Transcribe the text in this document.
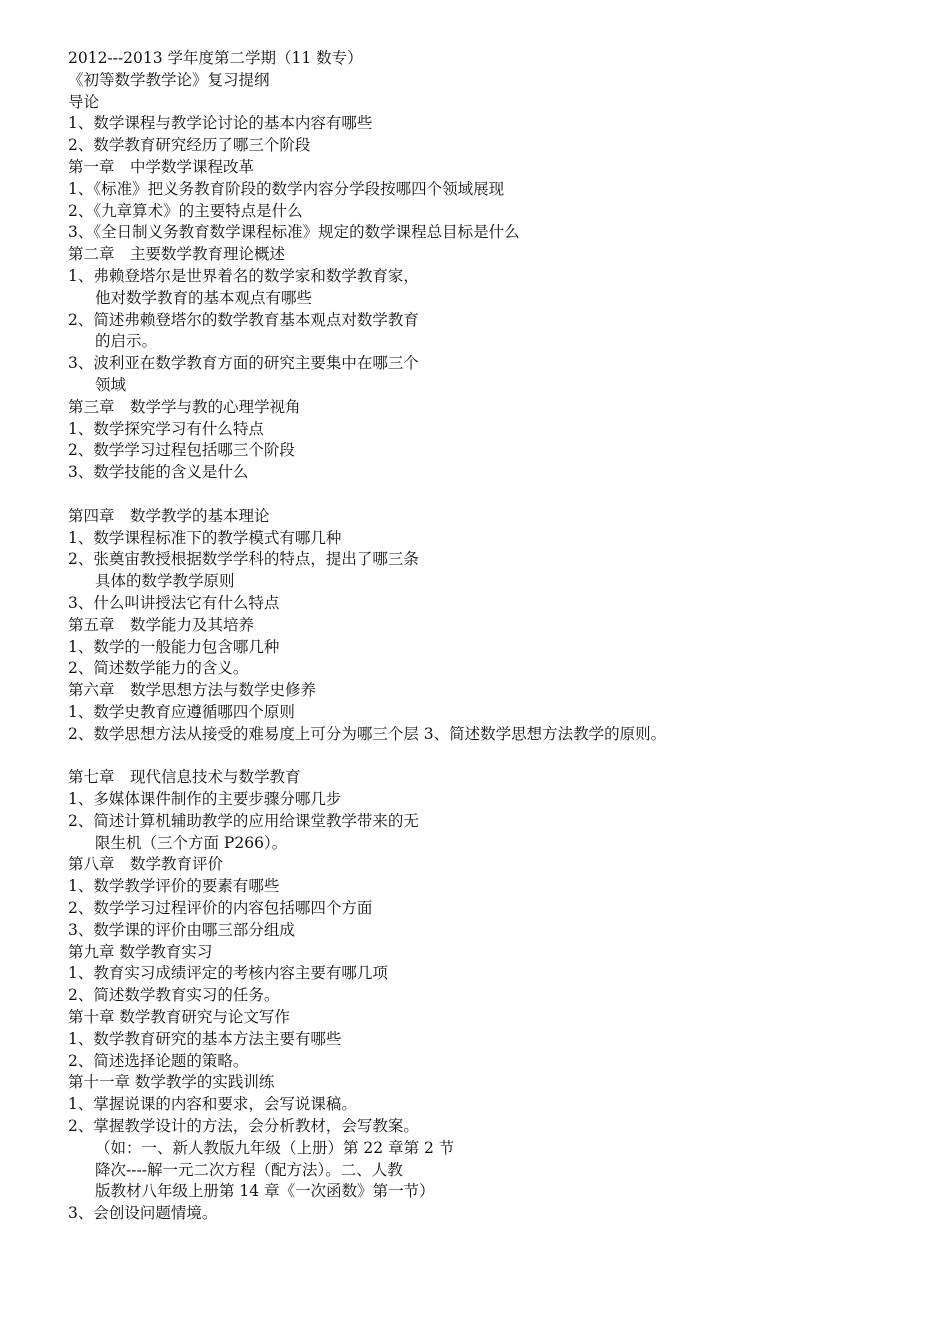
2012---2013 学年度第二学期（11 数专）
《初等数学教学论》复习提纲
导论
1、数学课程与教学论讨论的基本内容有哪些
2、数学教育研究经历了哪三个阶段
第一章　中学数学课程改革
1、《标准》把义务教育阶段的数学内容分学段按哪四个领域展现
2、《九章算术》的主要特点是什么
3、《全日制义务教育数学课程标准》规定的数学课程总目标是什么
第二章　主要数学教育理论概述
1、弗赖登塔尔是世界着名的数学家和数学教育家，
他对数学教育的基本观点有哪些
2、简述弗赖登塔尔的数学教育基本观点对数学教育
的启示。
3、波利亚在数学教育方面的研究主要集中在哪三个
领域
第三章　数学学与教的心理学视角
1、数学探究学习有什么特点
2、数学学习过程包括哪三个阶段
3、数学技能的含义是什么
第四章　数学教学的基本理论
1、数学课程标准下的教学模式有哪几种
2、张奠宙教授根据数学学科的特点，提出了哪三条
具体的数学教学原则
3、什么叫讲授法它有什么特点
第五章　数学能力及其培养
1、数学的一般能力包含哪几种
2、简述数学能力的含义。
第六章　数学思想方法与数学史修养
1、数学史教育应遵循哪四个原则
2、数学思想方法从接受的难易度上可分为哪三个层 3、简述数学思想方法教学的原则。
第七章　现代信息技术与数学教育
1、多媒体课件制作的主要步骤分哪几步
2、简述计算机辅助教学的应用给课堂教学带来的无
限生机（三个方面 P266）。
第八章　数学教育评价
1、数学教学评价的要素有哪些
2、数学学习过程评价的内容包括哪四个方面
3、数学课的评价由哪三部分组成
第九章 数学教育实习
1、教育实习成绩评定的考核内容主要有哪几项
2、简述数学教育实习的任务。
第十章 数学教育研究与论文写作
1、数学教育研究的基本方法主要有哪些
2、简述选择论题的策略。
第十一章 数学教学的实践训练
1、掌握说课的内容和要求，会写说课稿。
2、掌握教学设计的方法，会分析教材，会写教案。
（如：一、新人教版九年级（上册）第 22 章第 2 节
降次----解一元二次方程（配方法）。二、人教
版教材八年级上册第 14 章《一次函数》第一节）
3、会创设问题情境。
